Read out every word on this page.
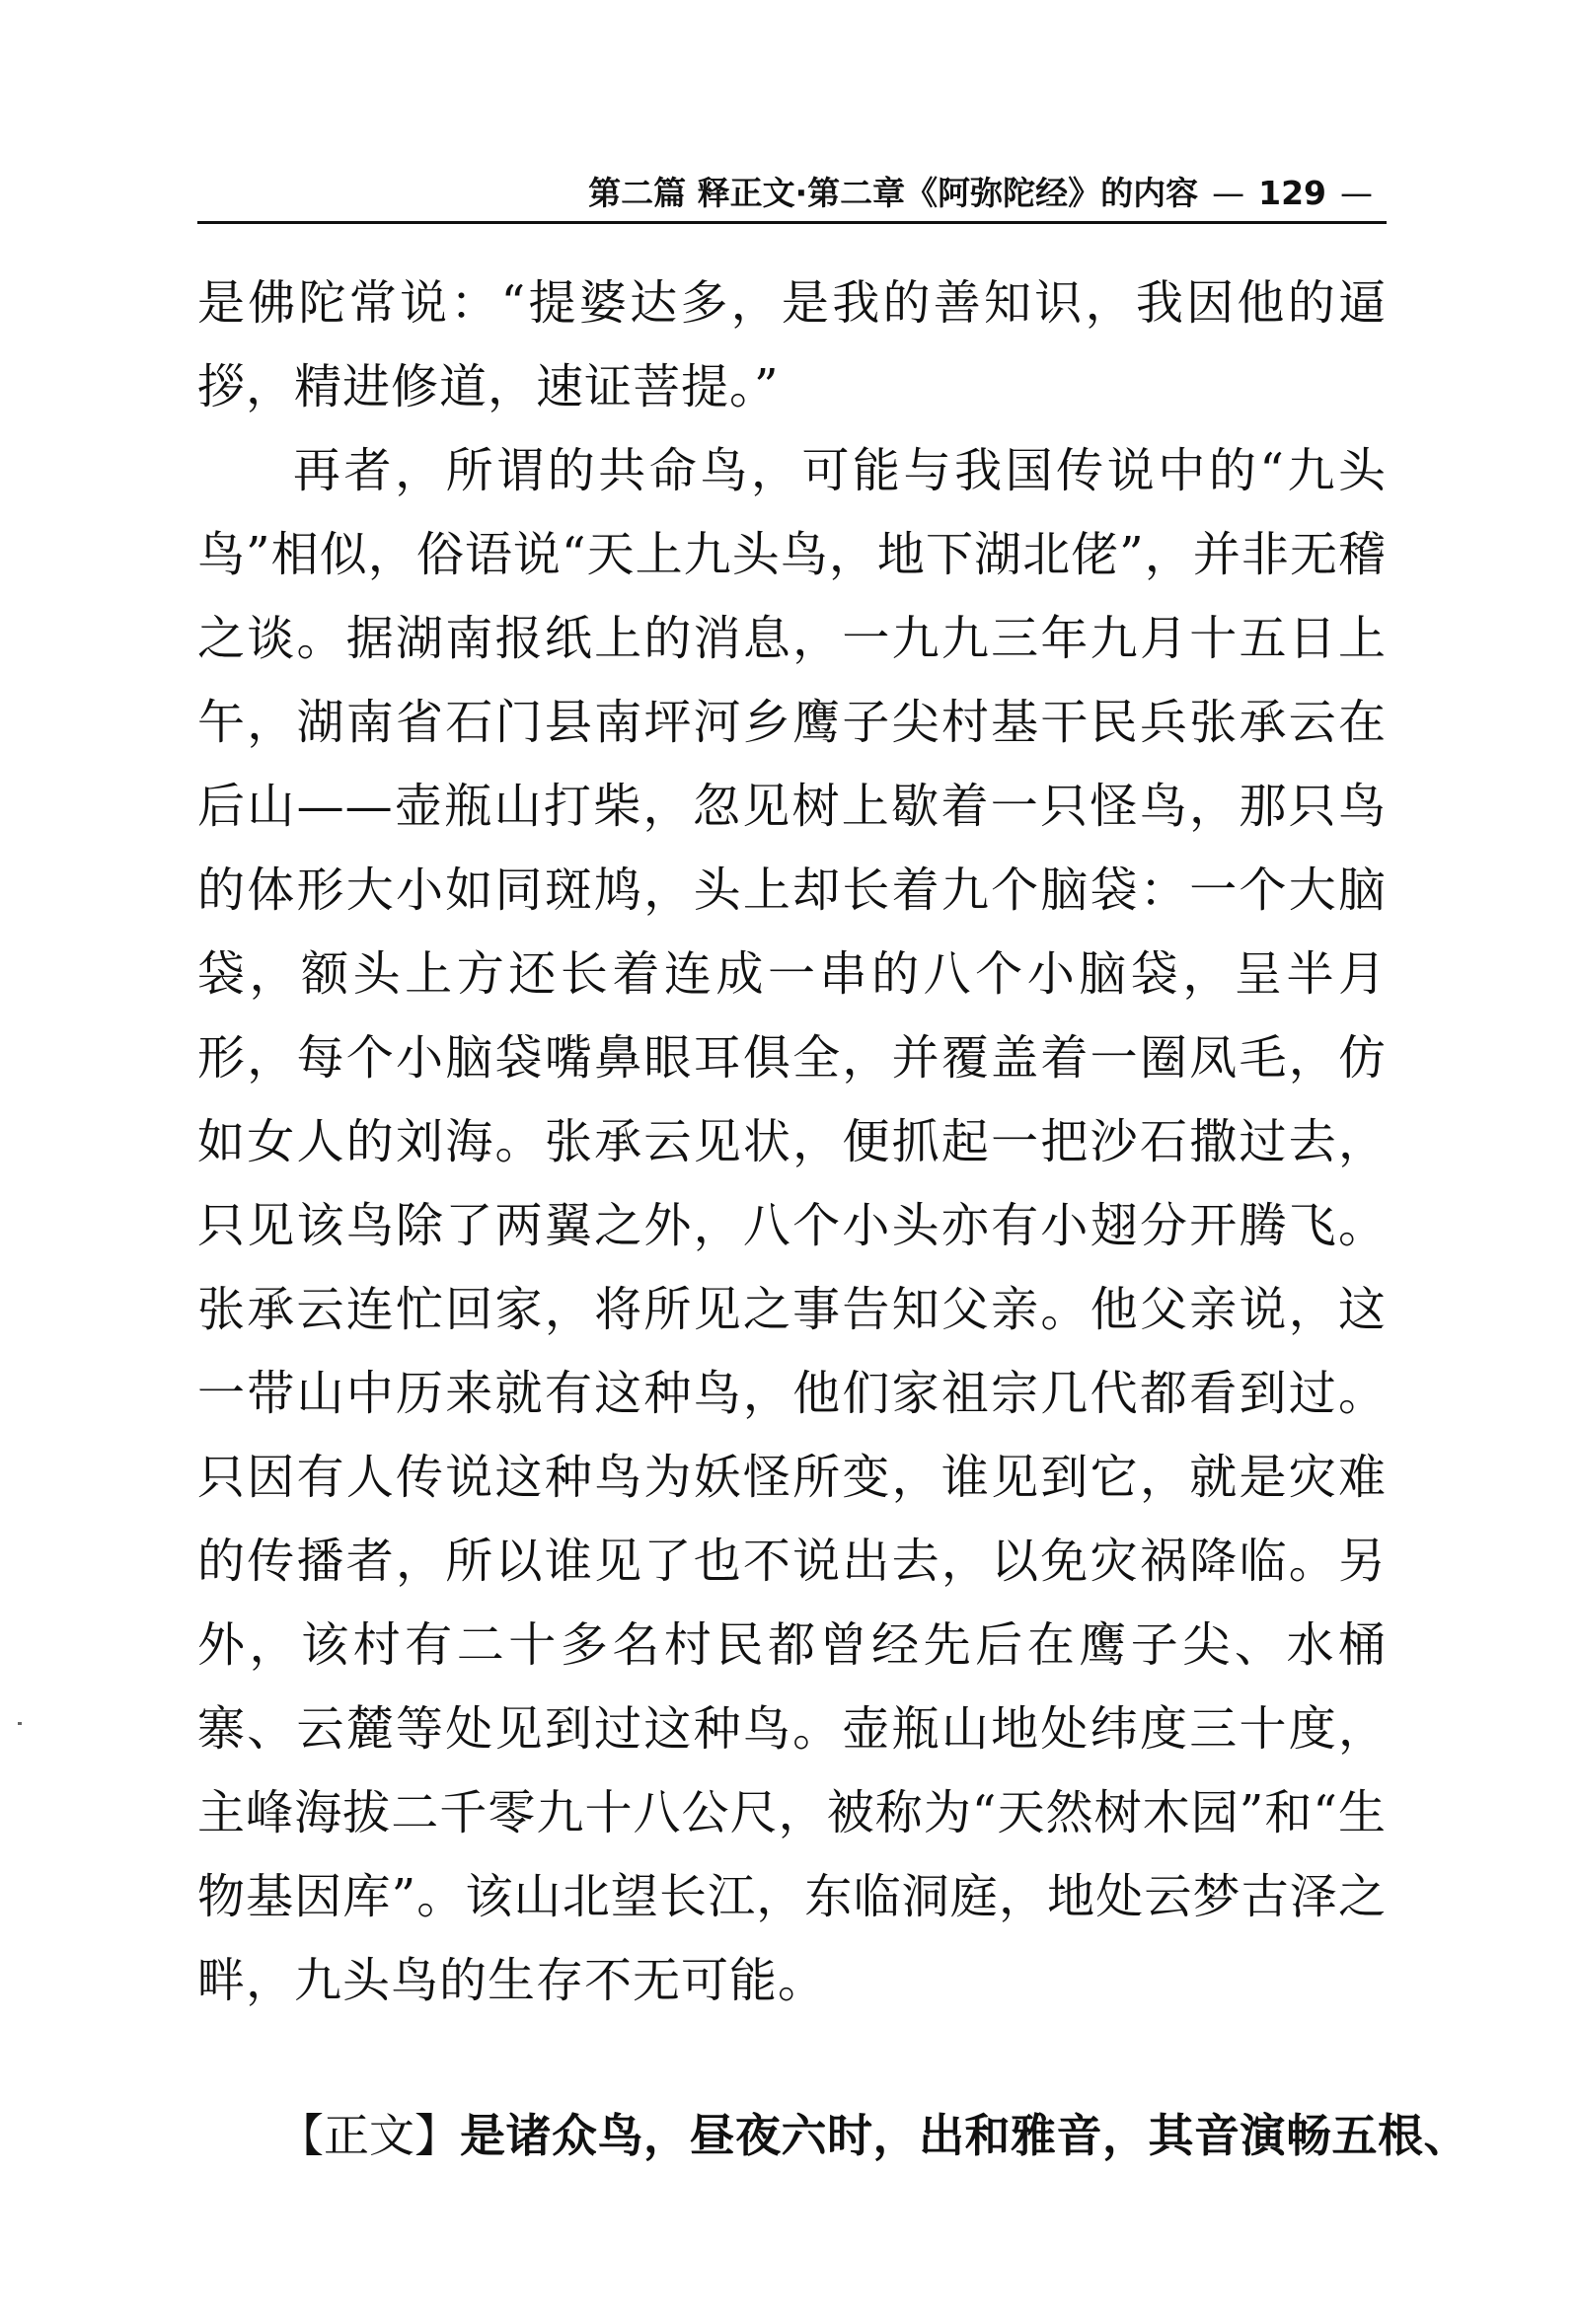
第二篇 释正文·第二章《阿弥陀经》的内容 — 129 —

是佛陀常说：“提婆达多，是我的善知识，我因他的逼拶，精进修道，速证菩提。”

再者，所谓的共命鸟，可能与我国传说中的“九头鸟”相似，俗语说“天上九头鸟，地下湖北佬”，并非无稽之谈。据湖南报纸上的消息，一九九三年九月十五日上午，湖南省石门县南坪河乡鹰子尖村基干民兵张承云在后山——壶瓶山打柴，忽见树上歇着一只怪鸟，那只鸟的体形大小如同斑鸠，头上却长着九个脑袋：一个大脑袋，额头上方还长着连成一串的八个小脑袋，呈半月形，每个小脑袋嘴鼻眼耳俱全，并覆盖着一圈凤毛，仿如女人的刘海。张承云见状，便抓起一把沙石撒过去，只见该鸟除了两翼之外，八个小头亦有小翅分开腾飞。张承云连忙回家，将所见之事告知父亲。他父亲说，这一带山中历来就有这种鸟，他们家祖宗几代都看到过。只因有人传说这种鸟为妖怪所变，谁见到它，就是灾难的传播者，所以谁见了也不说出去，以免灾祸降临。另外，该村有二十多名村民都曾经先后在鹰子尖、水桶寨、云麓等处见到过这种鸟。壶瓶山地处纬度三十度，主峰海拔二千零九十八公尺，被称为“天然树木园”和“生物基因库”。该山北望长江，东临洞庭，地处云梦古泽之畔，九头鸟的生存不无可能。

【正文】是诸众鸟，昼夜六时，出和雅音，其音演畅五根、
